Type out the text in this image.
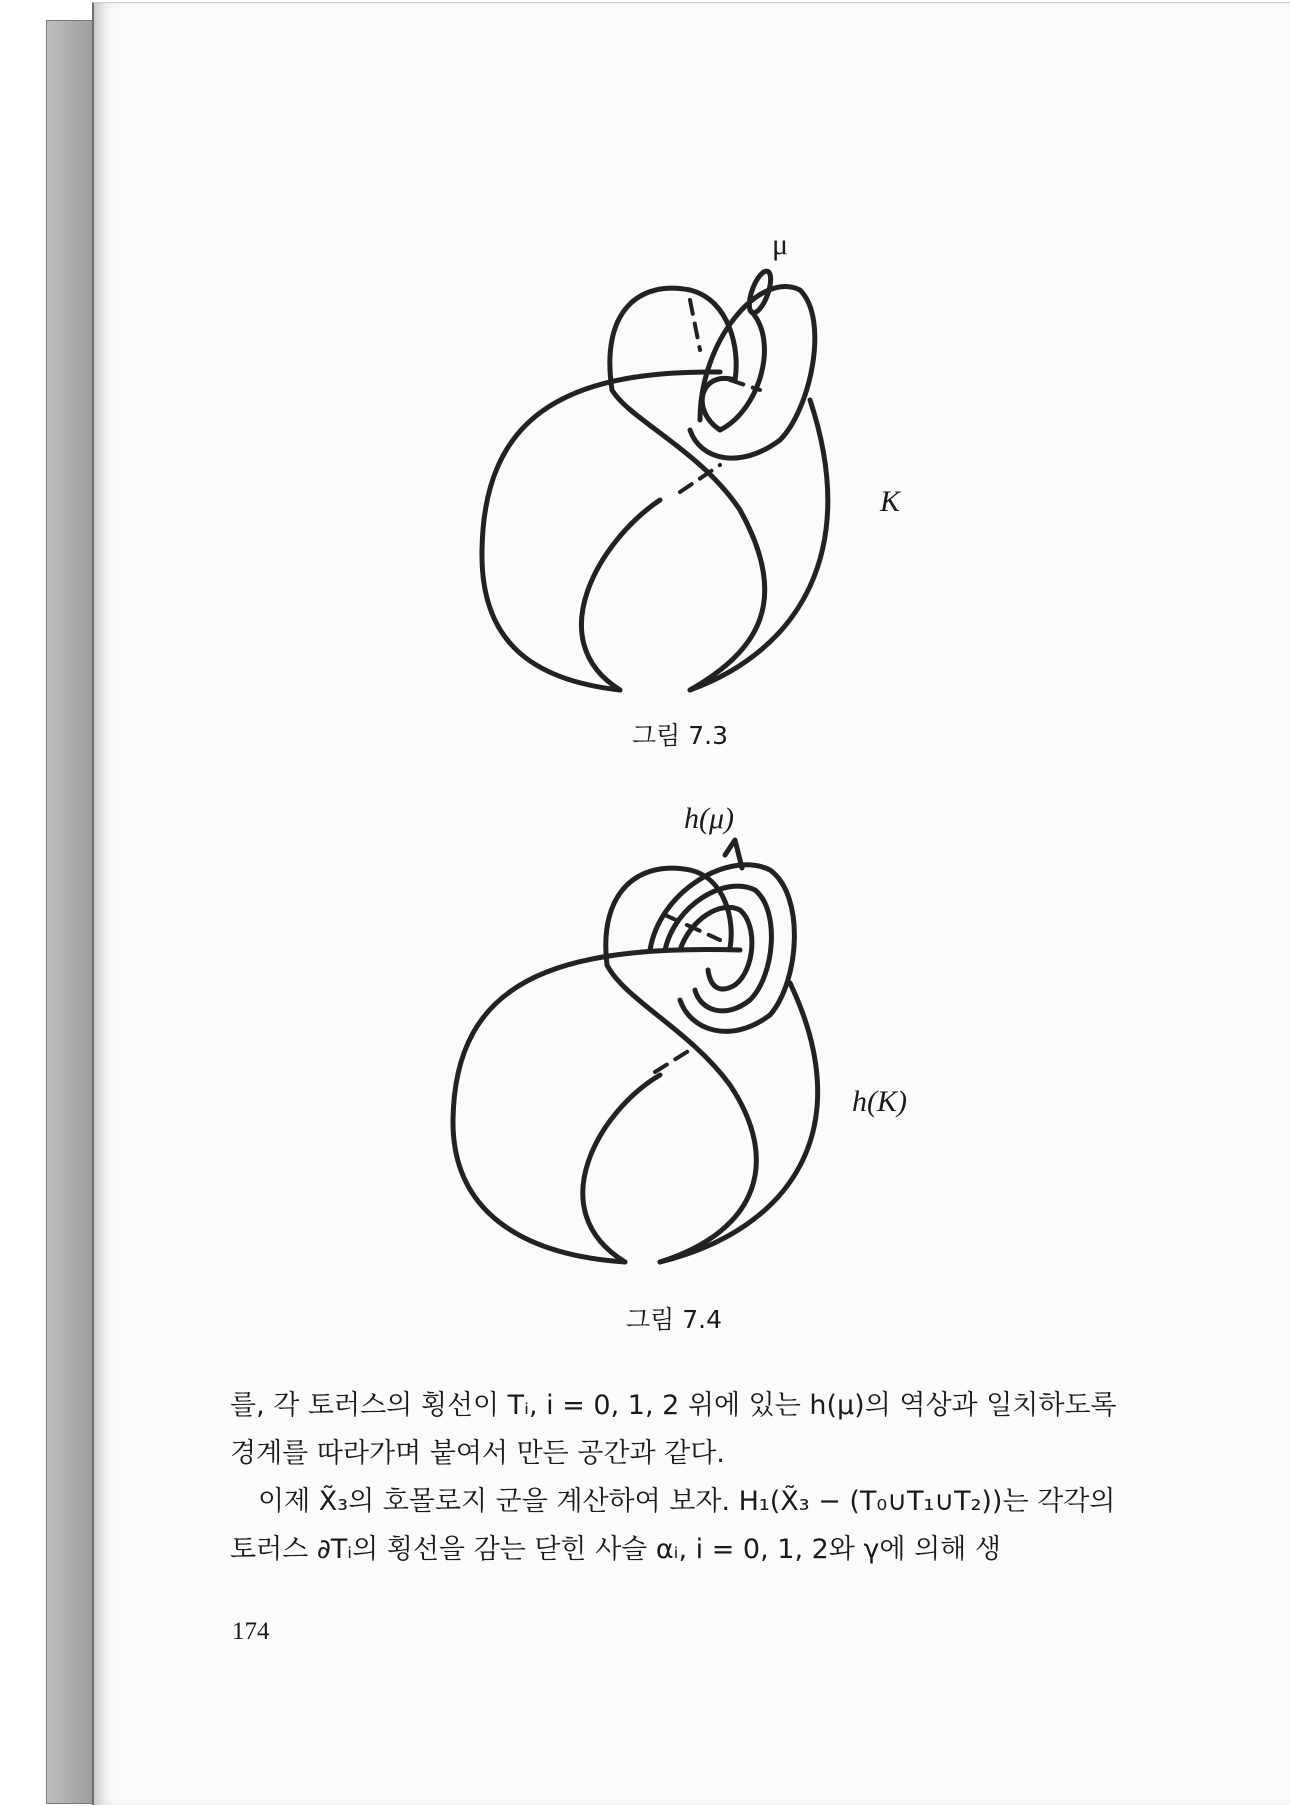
μ
K
그림 7.3
h(μ)
h(K)
그림 7.4

를, 각 토러스의 횡선이 Tᵢ, i = 0, 1, 2 위에 있는 h(μ)의 역상과 일치하도록 경계를 따라가며 붙여서 만든 공간과 같다.

이제 X̃₃의 호몰로지 군을 계산하여 보자. H₁(X̃₃ − (T₀∪T₁∪T₂))는 각각의 토러스 ∂Tᵢ의 횡선을 감는 닫힌 사슬 αᵢ, i = 0, 1, 2와 γ에 의해 생

174
